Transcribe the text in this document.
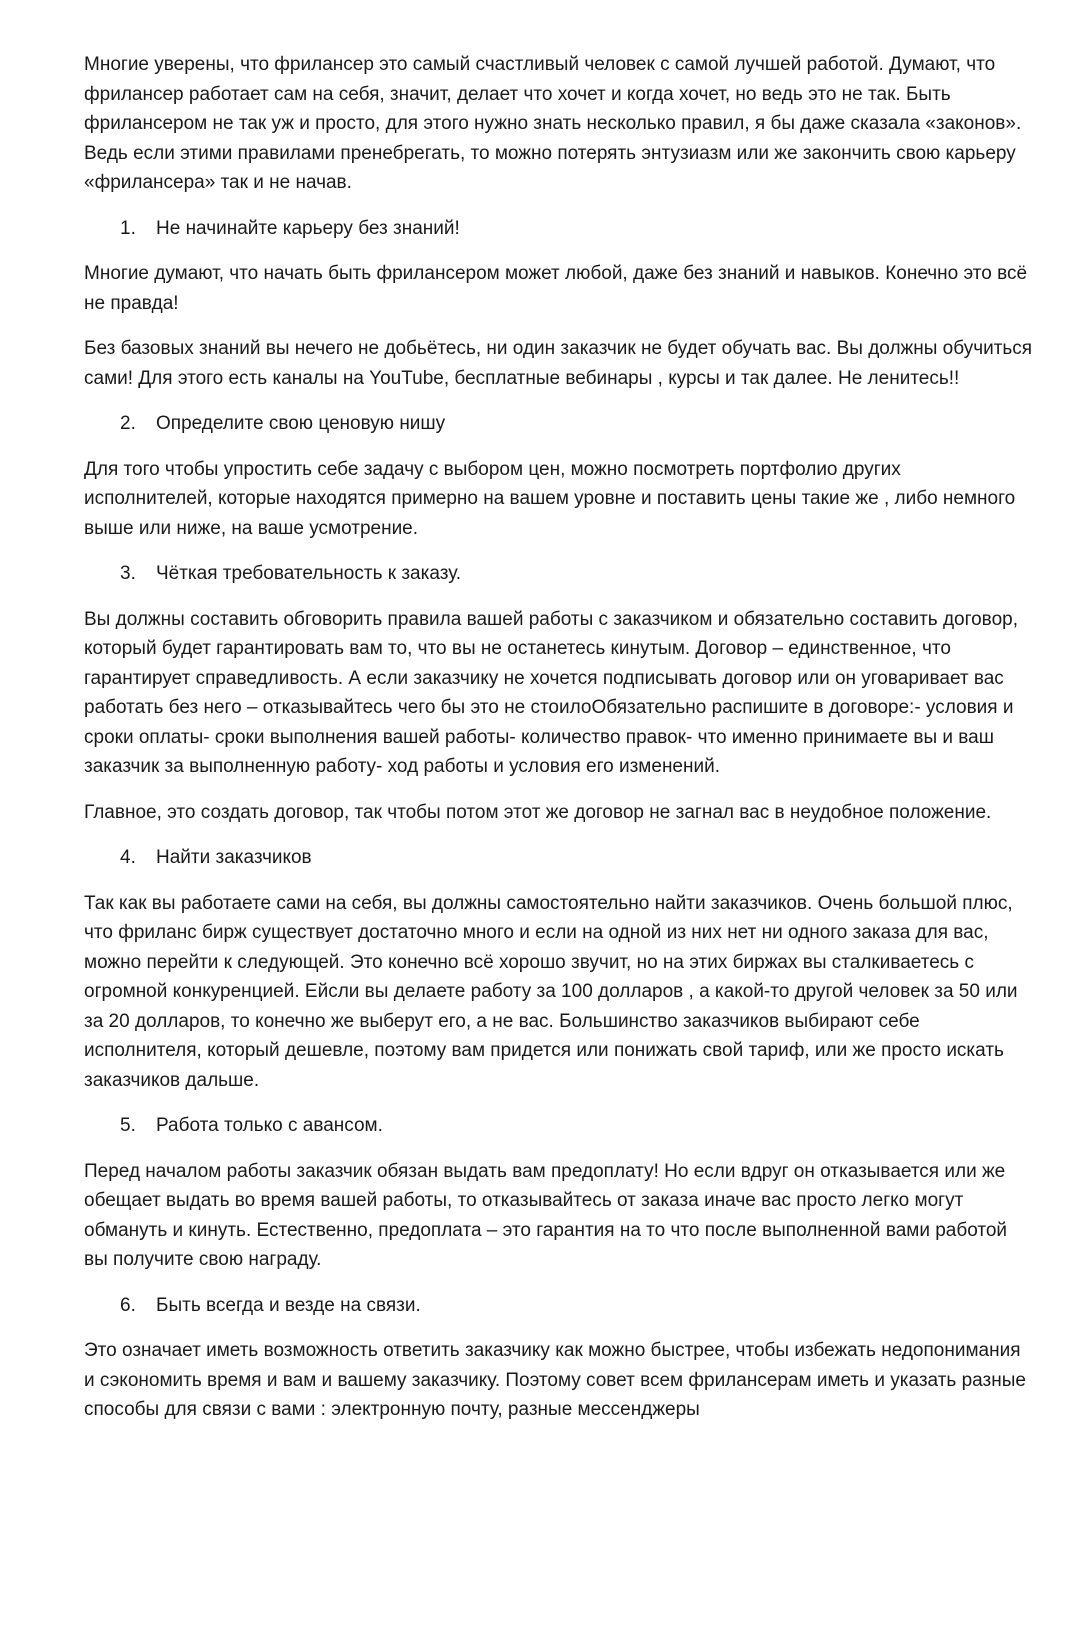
Многие уверены, что фрилансер это самый счастливый человек с самой лучшей работой. Думают, что фрилансер работает сам на себя, значит, делает что хочет и когда хочет, но ведь это не так. Быть фрилансером не так уж и просто, для этого нужно знать несколько правил, я бы даже сказала «законов». Ведь если этими правилами пренебрегать, то можно потерять энтузиазм или же закончить свою карьеру «фрилансера» так и не начав.

1.	Не начинайте карьеру без знаний!

Многие думают, что начать быть фрилансером может любой, даже без знаний и навыков. Конечно это всё не правда!

Без базовых знаний вы нечего не добьётесь, ни один заказчик не будет обучать вас. Вы должны обучиться сами! Для этого есть каналы на YouTube, бесплатные вебинары , курсы и так далее. Не ленитесь!!

2.	Определите свою ценовую нишу

Для того чтобы упростить себе задачу с выбором цен, можно посмотреть портфолио других исполнителей, которые находятся примерно на вашем уровне и поставить цены такие же , либо немного выше или ниже, на ваше усмотрение.

3.	Чёткая требовательность к заказу.

Вы должны составить обговорить правила вашей работы с заказчиком и обязательно составить договор, который будет гарантировать вам то, что вы не останетесь кинутым. Договор – единственное, что гарантирует справедливость. А если заказчику не хочется подписывать договор или он уговаривает вас работать без него – отказывайтесь чего бы это не стоилоОбязательно распишите в договоре:- условия и сроки оплаты- сроки выполнения вашей работы- количество правок- что именно принимаете вы и ваш заказчик за выполненную работу- ход работы и условия его изменений.

Главное, это создать договор, так чтобы потом этот же договор не загнал вас в неудобное положение.

4.	Найти заказчиков

Так как вы работаете сами на себя, вы должны самостоятельно найти заказчиков. Очень большой плюс, что фриланс бирж существует достаточно много и если на одной из них нет ни одного заказа для вас, можно перейти к следующей. Это конечно всё хорошо звучит, но на этих биржах вы сталкиваетесь с огромной конкуренцией. Ейсли вы делаете работу за 100 долларов , а какой-то другой человек за 50 или за 20 долларов, то конечно же выберут его, а не вас. Большинство заказчиков выбирают себе исполнителя, который дешевле, поэтому вам придется или понижать свой тариф, или же просто искать заказчиков дальше.

5.	Работа только с авансом.

Перед началом работы заказчик обязан выдать вам предоплату! Но если вдруг он отказывается или же обещает выдать во время вашей работы, то отказывайтесь от заказа иначе вас просто легко могут обмануть и кинуть. Естественно, предоплата – это гарантия на то что после выполненной вами работой вы получите свою награду.

6.	Быть всегда и везде на связи.

Это означает иметь возможность ответить заказчику как можно быстрее, чтобы избежать недопонимания и сэкономить время и вам и вашему заказчику. Поэтому совет всем фрилансерам иметь и указать разные способы для связи с вами : электронную почту, разные мессенджеры
